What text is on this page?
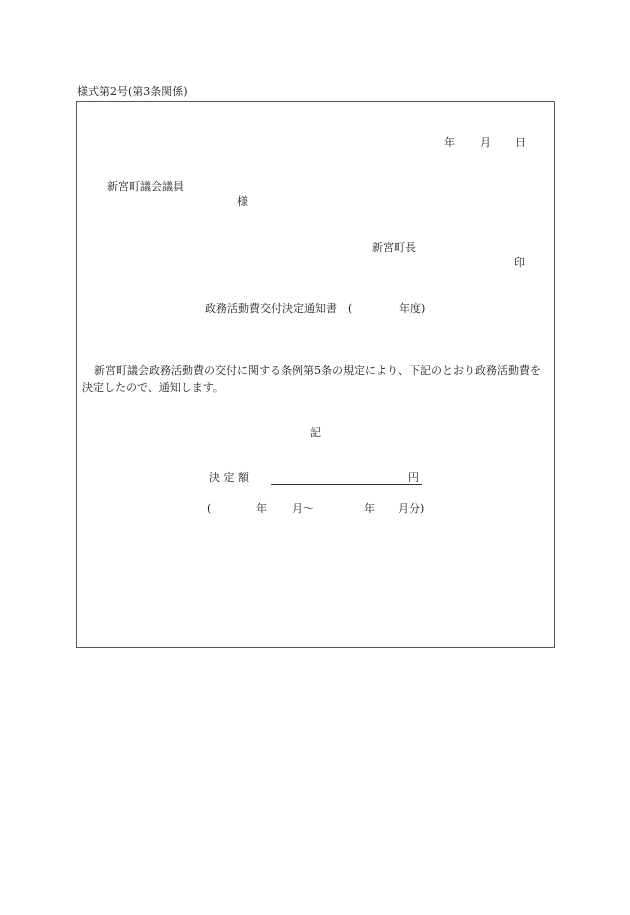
様式第2号(第3条関係)
年 月 日
新宮町議会議員
様
新宮町長
印
政務活動費交付決定通知書 (	年度)
新宮町議会政務活動費の交付に関する条例第5条の規定により、下記のとおり政務活動費を決定したので、通知します。
記
決 定 額	円
(	年 月～	年 月分)
